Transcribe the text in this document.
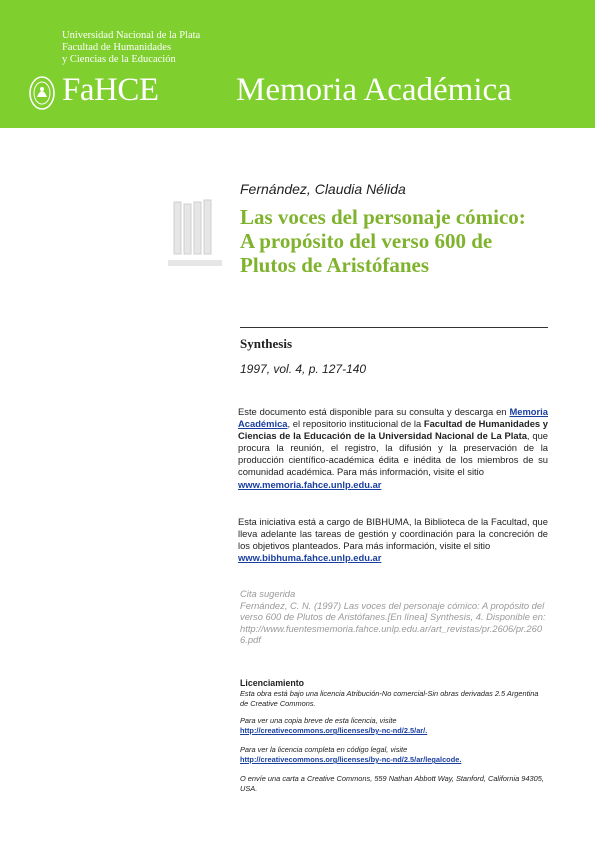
Universidad Nacional de la Plata
Facultad de Humanidades
y Ciencias de la Educación
FaHCE Memoria Académica
Fernández, Claudia Nélida
Las voces del personaje cómico: A propósito del verso 600 de Plutos de Aristófanes
Synthesis
1997, vol. 4, p. 127-140
Este documento está disponible para su consulta y descarga en Memoria Académica, el repositorio institucional de la Facultad de Humanidades y Ciencias de la Educación de la Universidad Nacional de La Plata, que procura la reunión, el registro, la difusión y la preservación de la producción científico-académica édita e inédita de los miembros de su comunidad académica. Para más información, visite el sitio
www.memoria.fahce.unlp.edu.ar
Esta iniciativa está a cargo de BIBHUMA, la Biblioteca de la Facultad, que lleva adelante las tareas de gestión y coordinación para la concreción de los objetivos planteados. Para más información, visite el sitio
www.bibhuma.fahce.unlp.edu.ar
Cita sugerida
Fernández, C. N. (1997) Las voces del personaje cómico: A propósito del verso 600 de Plutos de Aristófanes.[En línea] Synthesis, 4. Disponible en: http://www.fuentesmemoria.fahce.unlp.edu.ar/art_revistas/pr.2606/pr.2606.pdf
Licenciamiento
Esta obra está bajo una licencia Atribución-No comercial-Sin obras derivadas 2.5 Argentina de Creative Commons.
Para ver una copia breve de esta licencia, visite
http://creativecommons.org/licenses/by-nc-nd/2.5/ar/.
Para ver la licencia completa en código legal, visite
http://creativecommons.org/licenses/by-nc-nd/2.5/ar/legalcode.
O envíe una carta a Creative Commons, 559 Nathan Abbott Way, Stanford, California 94305, USA.
